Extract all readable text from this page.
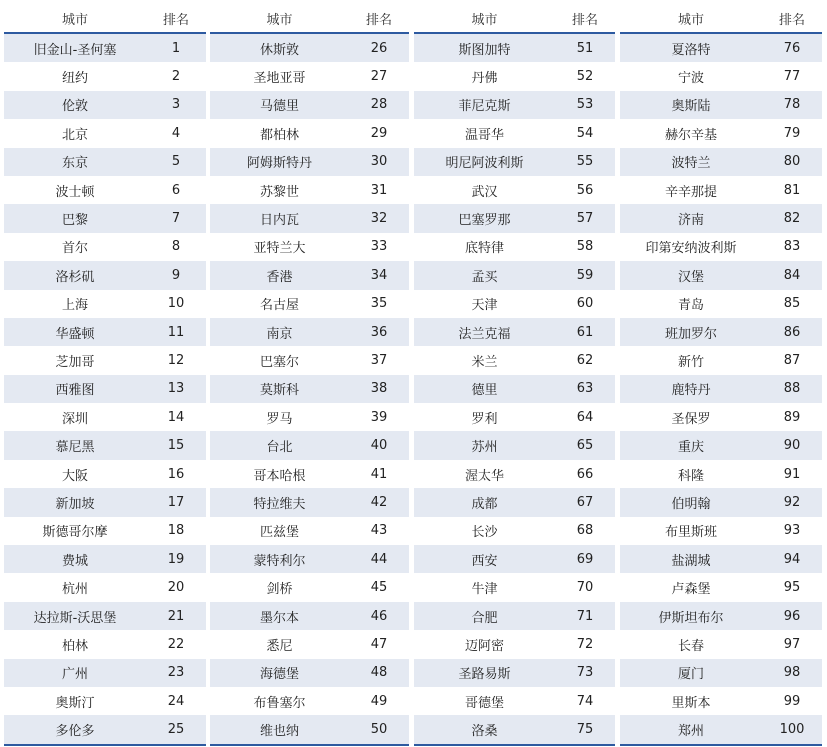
城市	排名
旧金山-圣何塞	1
纽约	2
伦敦	3
北京	4
东京	5
波士顿	6
巴黎	7
首尔	8
洛杉矶	9
上海	10
华盛顿	11
芝加哥	12
西雅图	13
深圳	14
慕尼黑	15
大阪	16
新加坡	17
斯德哥尔摩	18
费城	19
杭州	20
达拉斯-沃思堡	21
柏林	22
广州	23
奥斯汀	24
多伦多	25
城市	排名
休斯敦	26
圣地亚哥	27
马德里	28
都柏林	29
阿姆斯特丹	30
苏黎世	31
日内瓦	32
亚特兰大	33
香港	34
名古屋	35
南京	36
巴塞尔	37
莫斯科	38
罗马	39
台北	40
哥本哈根	41
特拉维夫	42
匹兹堡	43
蒙特利尔	44
剑桥	45
墨尔本	46
悉尼	47
海德堡	48
布鲁塞尔	49
维也纳	50
城市	排名
斯图加特	51
丹佛	52
菲尼克斯	53
温哥华	54
明尼阿波利斯	55
武汉	56
巴塞罗那	57
底特律	58
孟买	59
天津	60
法兰克福	61
米兰	62
德里	63
罗利	64
苏州	65
渥太华	66
成都	67
长沙	68
西安	69
牛津	70
合肥	71
迈阿密	72
圣路易斯	73
哥德堡	74
洛桑	75
城市	排名
夏洛特	76
宁波	77
奥斯陆	78
赫尔辛基	79
波特兰	80
辛辛那提	81
济南	82
印第安纳波利斯	83
汉堡	84
青岛	85
班加罗尔	86
新竹	87
鹿特丹	88
圣保罗	89
重庆	90
科隆	91
伯明翰	92
布里斯班	93
盐湖城	94
卢森堡	95
伊斯坦布尔	96
长春	97
厦门	98
里斯本	99
郑州	100
